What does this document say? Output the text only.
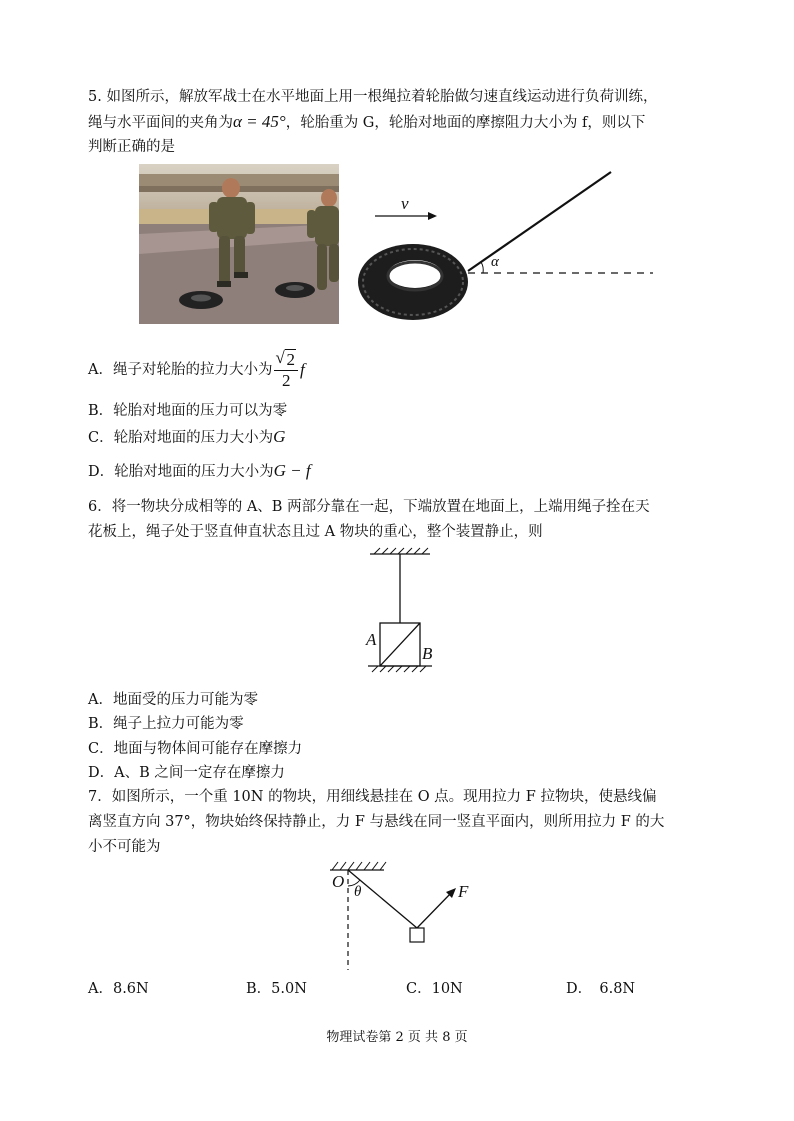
5. 如图所示，解放军战士在水平地面上用一根绳拉着轮胎做匀速直线运动进行负荷训练，
绳与水平面间的夹角为α = 45°，轮胎重为 G，轮胎对地面的摩擦阻力大小为 f，则以下
判断正确的是
v
α
A．绳子对轮胎的拉力大小为
√ $\frac{2}{2}$ f
B．轮胎对地面的压力可以为零
C．轮胎对地面的压力大小为G
D．轮胎对地面的压力大小为G − f
6．将一物块分成相等的 A、B 两部分靠在一起，下端放置在地面上，上端用绳子拴在天
花板上，绳子处于竖直伸直状态且过 A 物块的重心，整个装置静止，则
A
B
A．地面受的压力可能为零
B．绳子上拉力可能为零
C．地面与物体间可能存在摩擦力
D．A、B 之间一定存在摩擦力
7．如图所示，一个重 10N 的物块，用细线悬挂在 O 点。现用拉力 F 拉物块，使悬线偏
离竖直方向 37°，物块始终保持静止，力 F 与悬线在同一竖直平面内，则所用拉力 F 的大
小不可能为
O
θ	F
A．8.6N	B．5.0N	C．10N	D．　6.8N
物理试卷第 2 页 共 8 页
